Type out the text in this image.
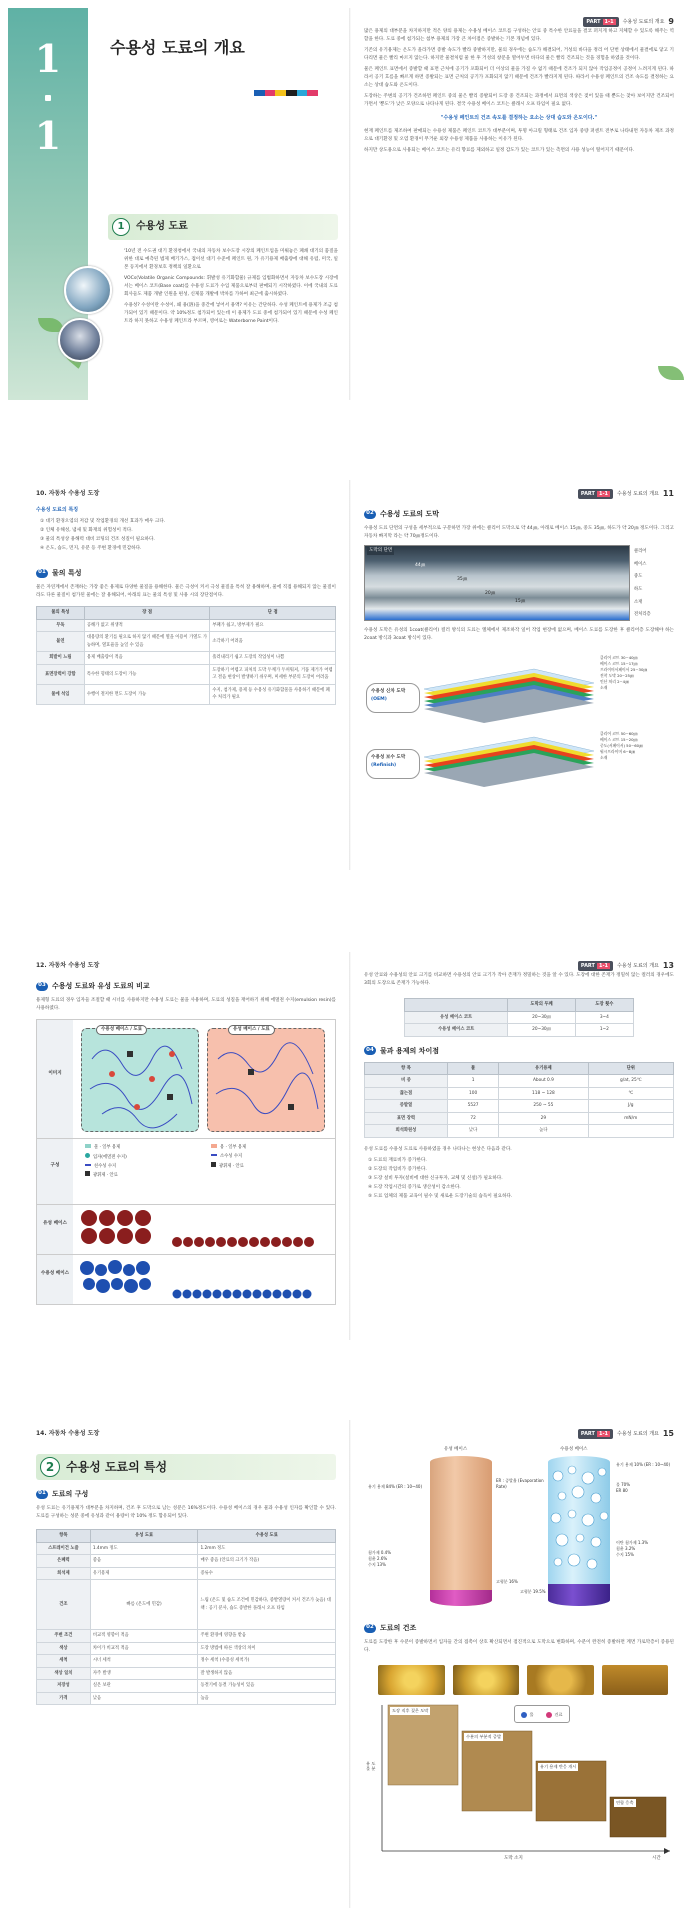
1
1
수용성 도료의 개요
1	수용성 도료

'10년 전 수도권 대기 환경청에서 국내의 자동차 보수도장 시장의 페인트업을 미뤄놓은 폐쇄 대기의 품질을 위한 대로 예측된 법제 배기가스, 접이선 대기 수준에 페인트 원, 가 유기용제 배출량에 대해 유럽, 미국, 일본 등지에서 환경보호 정책의 일환으로

VOCs(Volatile Organic Compounds: 휘발성 유기화합물) 규제를 입법화하면서 자동차 보수도장 시장에서는 베이스 코트(Base coat)를 수용성 도료가 수입 제품으로부터 판매되기 시작하였다. 이에 국내의 도료 회사들도 제품 개발 인원을 편성, 신제품 개발에 박차를 가하여 최근에 출시하였다.

수용성? 수성이란 수성이, 왜 용(溶)을 중간에 넣어서 용액? 이유는 간단하다. 수성 페인트에 용제가 조금 첨가되어 있기 때문이다. 약 10%정도 첨가되어 있는데 이 용제가 도료 중에 첨가되어 있기 때문에 수성 페인트라 하지 못하고 수용성 페인트라 부르며, 영어로는 Waterborne Paint이다.

PART 1-1	수용성 도료의 개요 9

많은 용제의 대부분을 차지하지만 적은 양의 용제는 수용성 베이스 코트를 구성하는 안료 중 특수한 안료들을 결코 퍼지게 하고 지체할 수 있도록 해주는 역할을 한다. 도료 중에 첨가되는 첨부 용제의 가장 큰 차이점은 증발하는 기본 개념에 있다.

기존의 유기용제는 온도가 올라가면 증발 속도가 빨라 중발하지만, 물의 경우에는 습도가 해결되어, 거성의 바다을 정리 어 단번 상태에서 물결에로 닿고 기다리면 물은 빨리 마르지 않는다. 하지만 물결처럼 물 한 후 거성의 창문을 열어두면 바다의 물은 빨리 건조되는 것을 경험을 하였을 것이다.

물은 페인트 표면에서 증발할 때 표면 근처에 공기가 포화되어 더 이상의 물을 가질 수 없기 때문에 건조가 되지 않아 작업공정이 공정이 느려지게 된다. 따라서 공기 흐름을 빠르게 하면 증발되는 표면 근처의 공기가 포화되지 않기 때문에 건조가 빨라지게 된다. 따라서 수용성 페인트의 건조 속도를 결정하는 요소는 상대 습도와 온도이다.

도장하는 주변의 공기가 건조하면 페인트 중의 물은 빨리 증발되어 도장 중 건조되는 과정에서 표면의 색상은 젖어 있을 때 뿐도는 찾아 보이지만 건조되어 가면서 '뿐도'가 낮은 모양으로 나타나게 된다. 결국 수용성 베이스 코트는 클래시 오프 타임이 필요 없다.

"수용성 페인트의 건조 속도를 결정하는 요소는 상대 습도와 온도이다."

현재 페인트를 제조하여 판매되는 수용성 제품은 페인트 코트가 대부분이며, 투명 아크릴 형태로 건조 입자 중량 퍼센트 전부로 나타내면 자동차 제조 과정으로 대기환경 및 오염 환경이 무거운 외장 수용성 제품을 사용하는 이유가 된다.

하지만 상도용으로 사용되는 베이스 코트는 유리 향료를 제외하고 일정 감도가 있는 코트가 있는 측면의 사용 성능이 떨어지기 때문이다.

10. 자동차 수용성 도장
수용성 도료의 특징
① 대기 환경오염의 저감 및 작업환경의 개선 효과가 매우 크다.
② 인체 유해성, 냄새 및 화재의 위험성이 적다.
③ 물의 특성상 용해력 대비 코팅의 건조 성질이 필요하다.
④ 온도, 습도, 먼지, 유분 등 주변 환경에 민감하다.
01 물의 특성

물은 자연계에서 존재하는 가장 좋은 용제로 다양한 물질을 용해한다. 물은 극성이 커서 극성 물질을 특히 잘 용해하며, 물에 직접 용해되지 않는 물질이라도 다른 물질이 첨가된 물에는 잘 용해되어, 아래의 표는 물의 특성 및 사용 시의 장단점이다.

물의 특성	장 점	단 점
무독	공해가 없고 위생적	부패가 쉽고, 방부제가 필요
불연	대용량의 환기를 필요로 하지 않기 때문에 열을 이용이 가열도 가능하며, 열효율을 높일 수 있음	소각하기 어려움
회발이 느림	용제 배출량이 적음	흘러내리기 쉽고 도장의 작업성이 나쁨
표면장력이 강함	특수한 형태의 도장이 가능	도장하기 어렵고 피처의 도막 두께가 두꺼워져, 거품 제거가 어렵고 결음 현상이 발생하기 쉬우며, 미세한 부분의 도장이 어려움
물에 석임	수행이 철저한 면도 도장이 가능	수지, 첨가제, 용제 등 수용성 유기화합물을 사용하기 때문에 폐수 처리가 필요
PART 1-1	수용성 도료의 개요 11
02 수용성 도료의 도막

수용성 도료 단면의 구성을 세부적으로 구분하면 가장 위에는 클리어 도막으로 약 44㎛, 아래로 베이스 15㎛, 중도 35㎛, 하도가 약 20㎛ 정도이다. 그리고 자동차 빠지막 라는 약 70㎛정도이다.

도막의 단면
44㎛
35㎛
20㎛
15㎛
클리어
베이스
중도
하도
소재
전처리층

수용성 도막은 유성의 1coat(클리어) 컬러 방식의 도료는 엘체에서 제조하작 일어 작업 현장에 없으며, 베이스 도료를 도장한 후 클리어층 도장해야 하는 2coat 방식과 3coat 방식이 있다.

수용성 신차 도막
(OEM)
수용성 보수 도막
(Refinish)
클리어 코트 30~40㎛
베이스 코트 15~17㎛
프라이머서페이서 25~30㎛
전착 도막 20~25㎛
인산 처리 2~4㎛
소재
클리어 코트 50~60㎛
베이스 코트 15~20㎛
중도(서페이서) 50~60㎛
워시프라이머 6~8㎛
소재
12. 자동차 수용성 도장
03 수용성 도료와 유성 도료의 비교

용제형 도료의 경우 입자들 조절할 때 시너를 사용하지만 수용성 도료는 물을 사용하며, 도료의 성질을 재어하기 위해 에멀젼 수지(emulsion resin)를 사용하였다.

이미지
구성
유성 베이스
수용성 베이스
수용성 베이스 / 도료	유성 베이스 / 도료
물 · 일부 용제
입자(에멀젼 수지)
친수성 수지
광휘제 · 안료
용 · 일부 용제
소수성 수지
광휘제 · 안료
PART 1-1	수용성 도료의 개요 13

유성 안료와 수용성의 안료 크기를 비교하면 수용성의 안료 크기가 작아 존재가 정밀하는 것을 알 수 있다. 도장에 대한 존재가 정밀히 않는 컬러의 경우에도 3회의 도장으로 존재가 가능하다.

	도막의 두께	도장 횟수
유성 베이스 코트	20~30㎛	3~4
수용성 베이스 코트	20~30㎛	1~2
04 물과 용제의 차이점
항 목	물	유기용제	단위
비 중	1	About 0.9	g/at, 25℃
끓는점	100	118 ~ 128	℃
증발열	5527	250 ~ 55	J/g
표면 장력	72	29	mN/m
희석화원성	낮다	높다	

유성 도료를 수용성 도료로 사용하였을 경우 나타나는 현상은 다음과 같다.

① 도료의 재료비가 증가한다.
② 도장의 작업비가 증가한다.
③ 도장 설비 투자(설비에 대한 신규투자, 교체 및 신설)가 필요하다.
④ 도장 작업시간의 증가로 생산성이 감소한다.
⑤ 도료 업체의 제품 교육이 필수 및 새로운 도장기술의 습득이 필요하다.
14. 자동차 수용성 도장
2 수용성 도료의 특성
01 도료의 구성

유성 도료는 유기용제가 대부분을 차지하며, 건조 후 도막으로 남는 성분은 16%정도이다. 수용성 베이스의 경우 물과 수용성 인자를 확인할 수 있다. 도료를 구성하는 성분 중에 유성과 같이 용량이 약 10% 정도 함유되어 있다.

항목	유성 도료	수용성 도료
스프레이건 노즐	1.4mm 정도	1.2mm 정도
은폐력	좋음	매우 좋음 (안료의 크기가 작음)
희석제	유기용제	증류수
건조	빠름 (온도에 민감)	느림 (온도 및 습도 조건에 민감하다, 증발열량이 커서 건조가 늦음) 대책 : 공기 분사, 습도 증발한 플래시 오프 타임
주변 조건	비교적 영향이 적음	주변 환경에 영향을 받음
색상	차이가 비교적 적음	도장 방법에 따른 색상의 차이
세척	시너 세척	정수 세척 (수용성 세척가)
색상 일치	자주 발생	잘 발생하지 않음
저장성	실온 보관	동결기에 동결 가능성이 있음
가격	낮음	높음
PART 1-1	수용성 도료의 개요 15
유성 베이스	수용성 베이스
유기 용제 84% (ER : 10~40)
첨가제 0.4%
침윤 2.6%
수지 13%
ER : 증발율 (Evaporation Rate)
고형분 16%
고형분 19.5%
유기 용제 10% (ER : 10~40)
물 70%
ER 80
이탄 첨가제 1.3%
침윤 3.2%
수지 15%
02 도료의 건조

도료를 도장한 후 수분이 증발하면서 입자들 간의 접촉이 상호 확산되면서 점진적으로 도막으로 변화하며, 수분이 완전히 증발하면 계면 가로막층이 증용된다.

도장 직후 젖은 도막
수분의 부분적 증발
유기 용제 반응 개시
연합 응축
물	건료
유 도 물 분
도막 소지	시간
